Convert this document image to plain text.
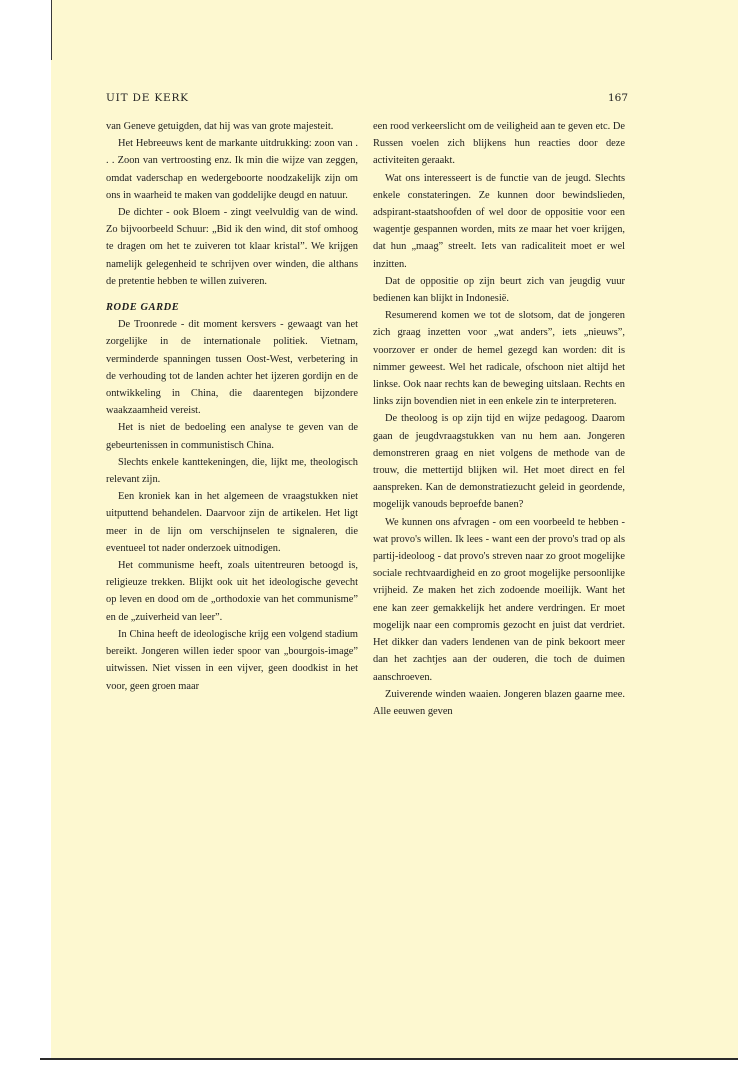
UIT DE KERK	167

van Geneve getuigden, dat hij was van grote majesteit.

Het Hebreeuws kent de markante uitdrukking: zoon van . . . Zoon van vertroosting enz. Ik min die wijze van zeggen, omdat vaderschap en wedergeboorte noodzakelijk zijn om ons in waarheid te maken van goddelijke deugd en natuur.

De dichter - ook Bloem - zingt veelvuldig van de wind. Zo bijvoorbeeld Schuur: „Bid ik den wind, dit stof omhoog te dragen om het te zuiveren tot klaar kristal”. We krijgen namelijk gelegenheid te schrijven over winden, die althans de pretentie hebben te willen zuiveren.

RODE GARDE

De Troonrede - dit moment kersvers - gewaagt van het zorgelijke in de internationale politiek. Vietnam, verminderde spanningen tussen Oost-West, verbetering in de verhouding tot de landen achter het ijzeren gordijn en de ontwikkeling in China, die daarentegen bijzondere waakzaamheid vereist.

Het is niet de bedoeling een analyse te geven van de gebeurtenissen in communistisch China.

Slechts enkele kanttekeningen, die, lijkt me, theologisch relevant zijn.

Een kroniek kan in het algemeen de vraagstukken niet uitputtend behandelen. Daarvoor zijn de artikelen. Het ligt meer in de lijn om verschijnselen te signaleren, die eventueel tot nader onderzoek uitnodigen.

Het communisme heeft, zoals uitentreuren betoogd is, religieuze trekken. Blijkt ook uit het ideologische gevecht op leven en dood om de „orthodoxie van het communisme” en de „zuiverheid van leer”.

In China heeft de ideologische krijg een volgend stadium bereikt. Jongeren willen ieder spoor van „bourgois-image” uitwissen. Niet vissen in een vijver, geen doodkist in het voor, geen groen maar

een rood verkeerslicht om de veiligheid aan te geven etc. De Russen voelen zich blijkens hun reacties door deze activiteiten geraakt.

Wat ons interesseert is de functie van de jeugd. Slechts enkele constateringen. Ze kunnen door bewindslieden, adspirant-staatshoofden of wel door de oppositie voor een wagentje gespannen worden, mits ze maar het voer krijgen, dat hun „maag” streelt. Iets van radicaliteit moet er wel inzitten.

Dat de oppositie op zijn beurt zich van jeugdig vuur bedienen kan blijkt in Indonesië.

Resumerend komen we tot de slotsom, dat de jongeren zich graag inzetten voor „wat anders”, iets „nieuws”, voorzover er onder de hemel gezegd kan worden: dit is nimmer geweest. Wel het radicale, ofschoon niet altijd het linkse. Ook naar rechts kan de beweging uitslaan. Rechts en links zijn bovendien niet in een enkele zin te interpreteren.

De theoloog is op zijn tijd en wijze pedagoog. Daarom gaan de jeugdvraagstukken van nu hem aan. Jongeren demonstreren graag en niet volgens de methode van de trouw, die mettertijd blijken wil. Het moet direct en fel aanspreken. Kan de demonstratiezucht geleid in geordende, mogelijk vanouds beproefde banen?

We kunnen ons afvragen - om een voorbeeld te hebben - wat provo's willen. Ik lees - want een der provo's trad op als partij-ideoloog - dat provo's streven naar zo groot mogelijke sociale rechtvaardigheid en zo groot mogelijke persoonlijke vrijheid. Ze maken het zich zodoende moeilijk. Want het ene kan zeer gemakkelijk het andere verdringen. Er moet mogelijk naar een compromis gezocht en juist dat verdriet. Het dikker dan vaders lendenen van de pink bekoort meer dan het zachtjes aan der ouderen, die toch de duimen aanschroeven.

Zuiverende winden waaien. Jongeren blazen gaarne mee. Alle eeuwen geven
